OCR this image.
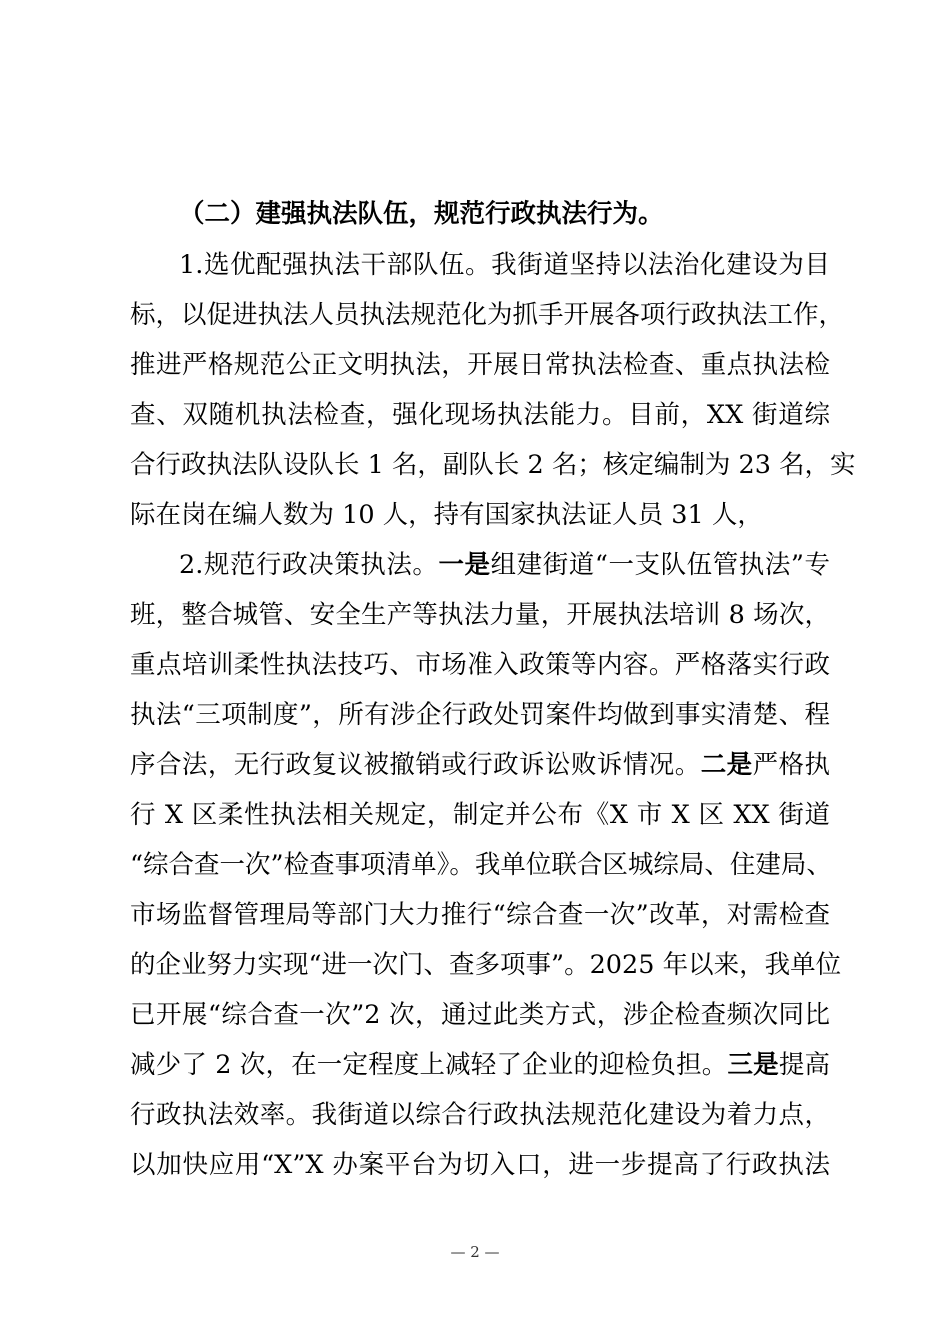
（二）建强执法队伍，规范行政执法行为。
1.选优配强执法干部队伍。我街道坚持以法治化建设为目
标，以促进执法人员执法规范化为抓手开展各项行政执法工作，
推进严格规范公正文明执法，开展日常执法检查、重点执法检
查、双随机执法检查，强化现场执法能力。目前，XX 街道综
合行政执法队设队长 1 名，副队长 2 名；核定编制为 23 名，实
际在岗在编人数为 10 人，持有国家执法证人员 31 人，
2.规范行政决策执法。一是组建街道“一支队伍管执法”专
班，整合城管、安全生产等执法力量，开展执法培训 8 场次，
重点培训柔性执法技巧、市场准入政策等内容。严格落实行政
执法“三项制度”，所有涉企行政处罚案件均做到事实清楚、程
序合法，无行政复议被撤销或行政诉讼败诉情况。二是严格执
行 X 区柔性执法相关规定，制定并公布《X 市 X 区 XX 街道
“综合查一次”检查事项清单》。我单位联合区城综局、住建局、
市场监督管理局等部门大力推行“综合查一次”改革，对需检查
的企业努力实现“进一次门、查多项事”。2025 年以来，我单位
已开展“综合查一次”2 次，通过此类方式，涉企检查频次同比
减少了 2 次，在一定程度上减轻了企业的迎检负担。三是提高
行政执法效率。我街道以综合行政执法规范化建设为着力点，
以加快应用“X”X 办案平台为切入口，进一步提高了行政执法
— 2 —
